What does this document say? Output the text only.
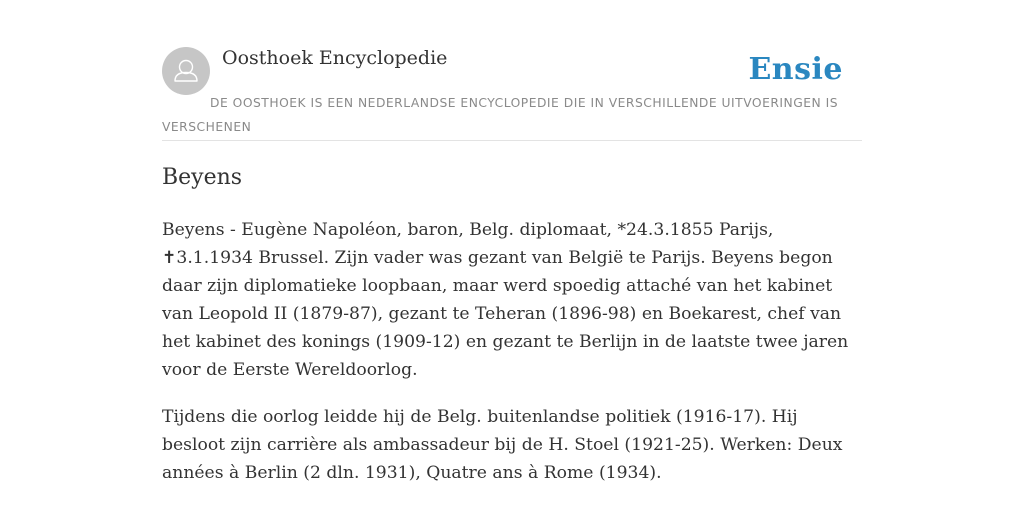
Oosthoek Encyclopedie	Ensie
DE OOSTHOEK IS EEN NEDERLANDSE ENCYCLOPEDIE DIE IN VERSCHILLENDE UITVOERINGEN IS VERSCHENEN
Beyens

Beyens - Eugène Napoléon, baron, Belg. diplomaat, *24.3.1855 Parijs, ✝3.1.1934 Brussel. Zijn vader was gezant van België te Parijs. Beyens begon daar zijn diplomatieke loopbaan, maar werd spoedig attaché van het kabinet van Leopold II (1879-87), gezant te Teheran (1896-98) en Boekarest, chef van het kabinet des konings (1909-12) en gezant te Berlijn in de laatste twee jaren voor de Eerste Wereldoorlog.

Tijdens die oorlog leidde hij de Belg. buitenlandse politiek (1916-17). Hij besloot zijn carrière als ambassadeur bij de H. Stoel (1921-25). Werken: Deux années à Berlin (2 dln. 1931), Quatre ans à Rome (1934).
